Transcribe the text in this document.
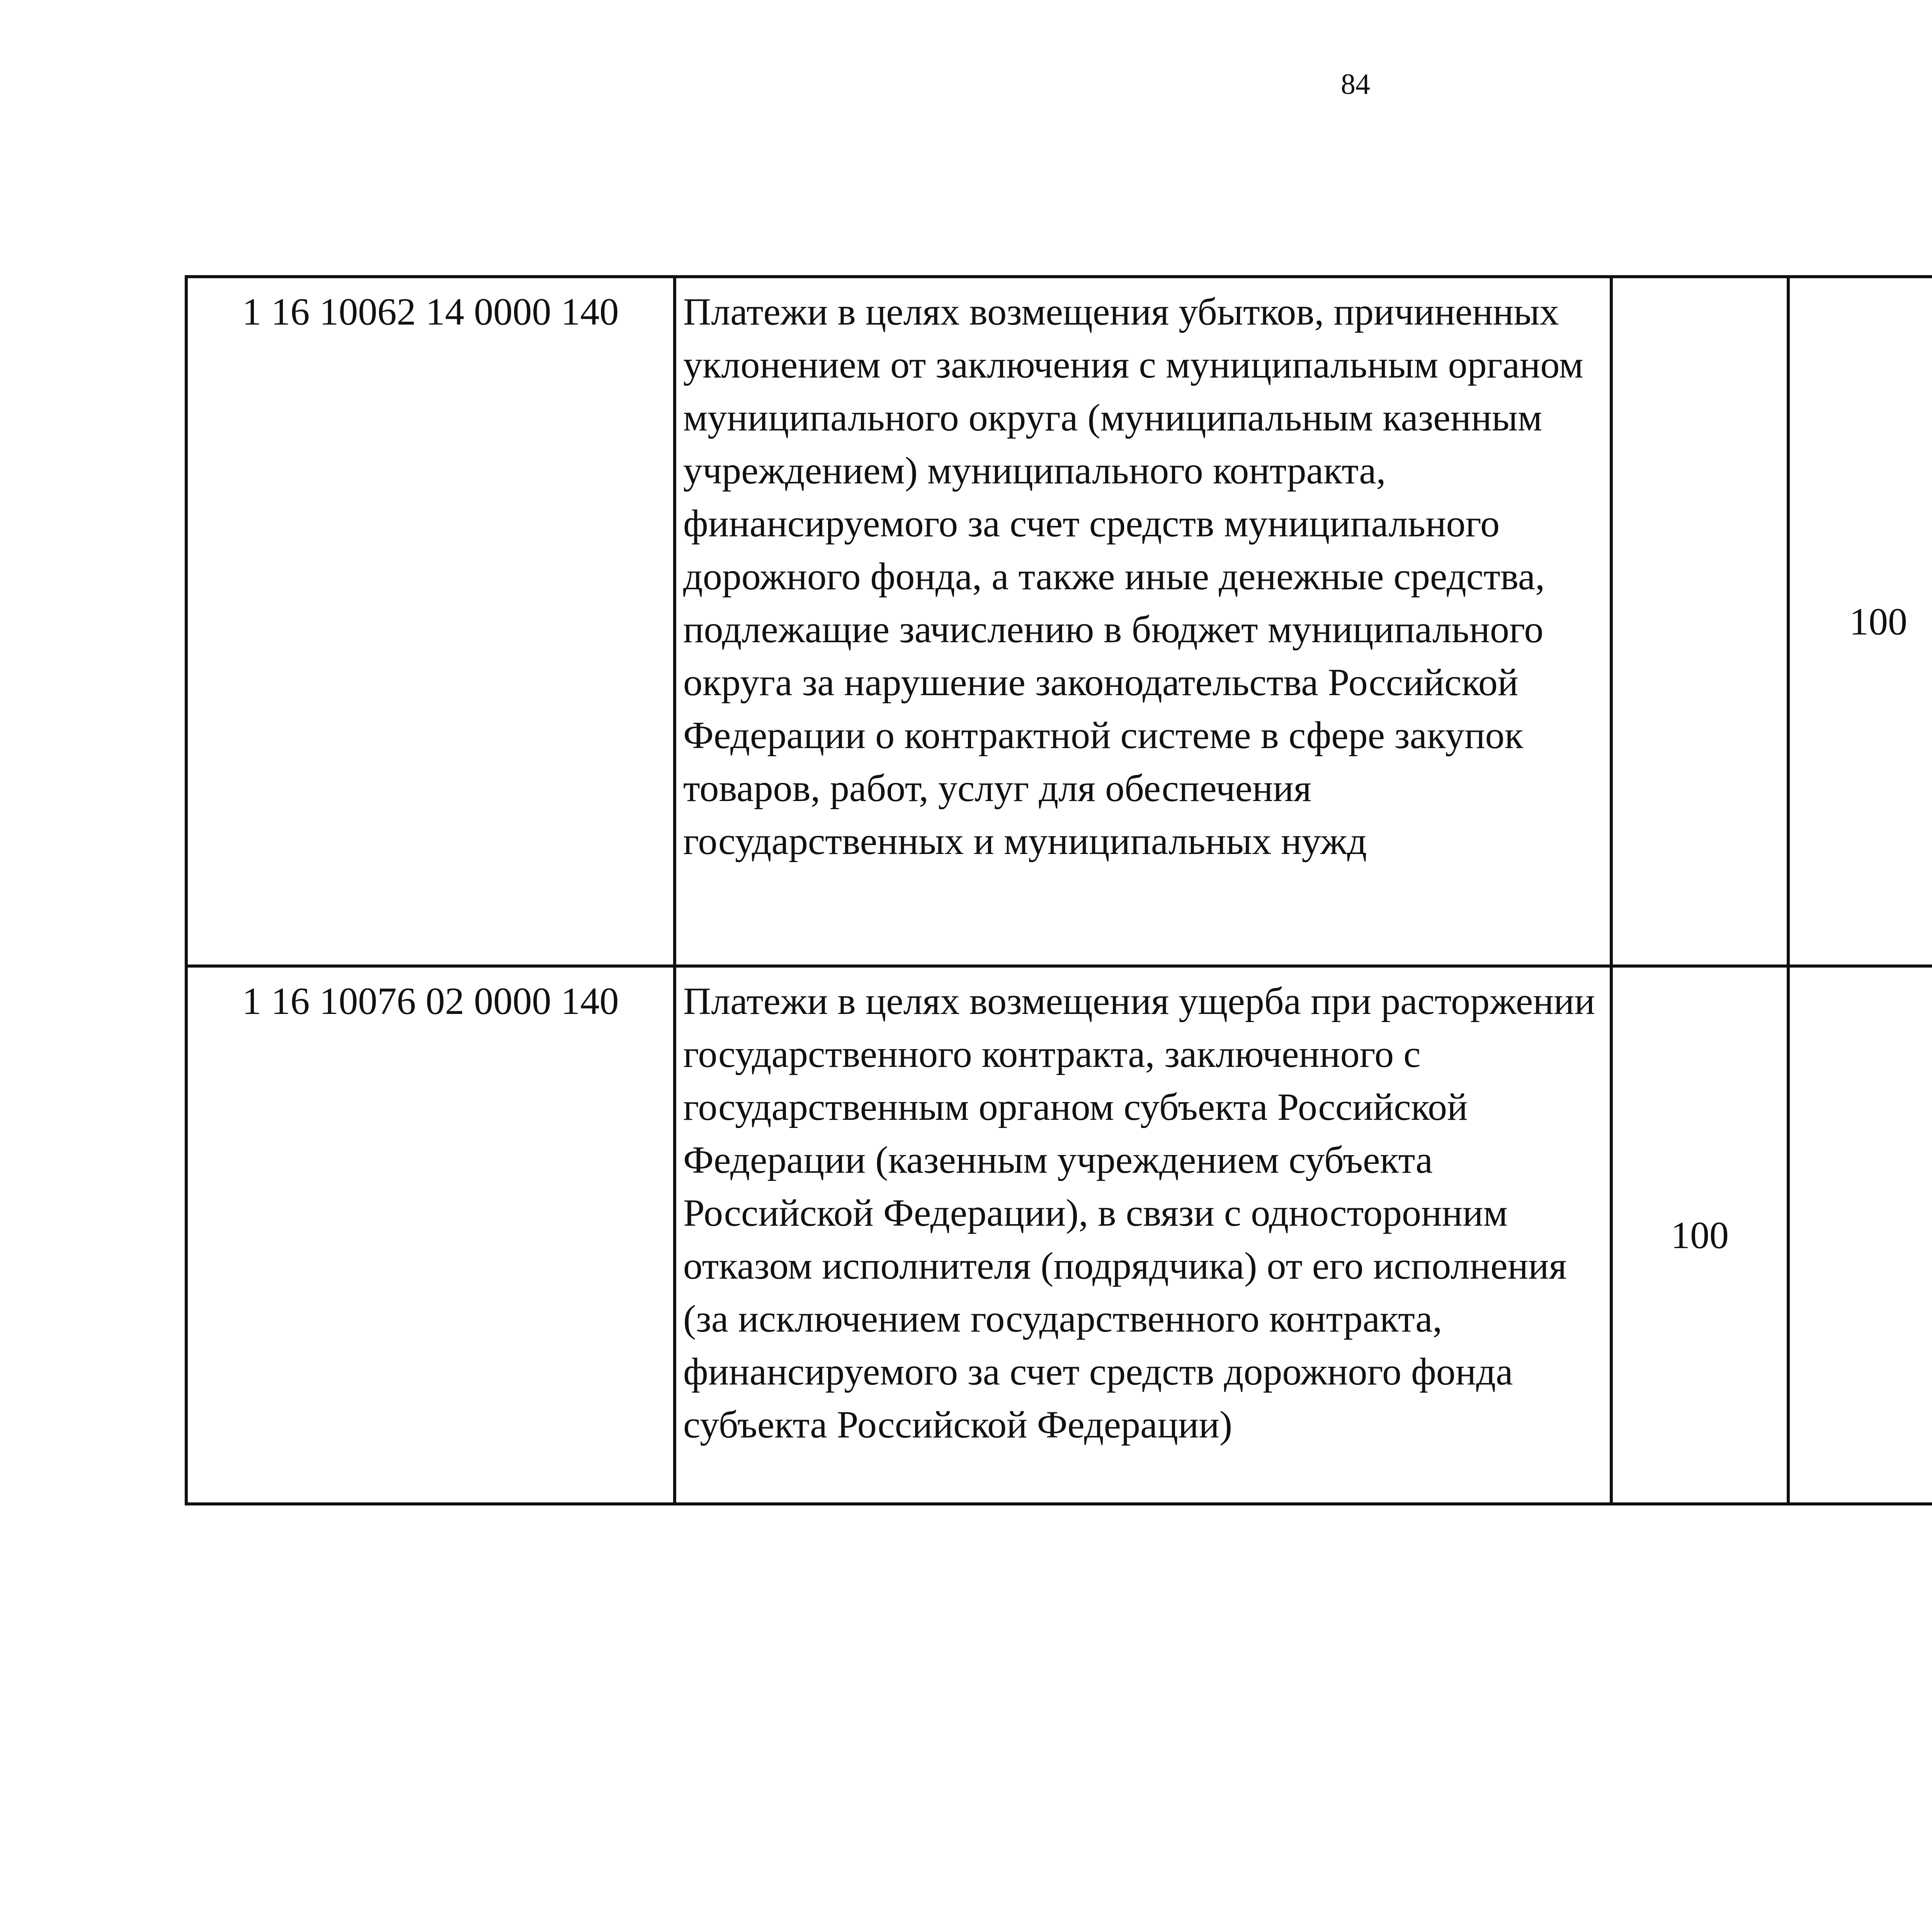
84
1 16 10062 14 0000 140	Платежи в целях возмещения убытков, причиненных уклонением от заключения с муниципальным органом муниципального округа (муниципальным казенным учреждением) муниципального контракта, финансируемого за счет средств муниципального дорожного фонда, а также иные денежные средства, подлежащие зачислению в бюджет муниципального округа за нарушение законодательства Российской Федерации о контрактной системе в сфере закупок товаров, работ, услуг для обеспечения государственных и муниципальных нужд		100			
1 16 10076 02 0000 140	Платежи в целях возмещения ущерба при расторжении государственного контракта, заключенного с государственным органом субъекта Российской Федерации (казенным учреждением субъекта Российской Федерации), в связи с односторонним отказом исполнителя (подрядчика) от его исполнения (за исключением государственного контракта, финансируемого за счет средств дорожного фонда субъекта Российской Федерации)	100				
